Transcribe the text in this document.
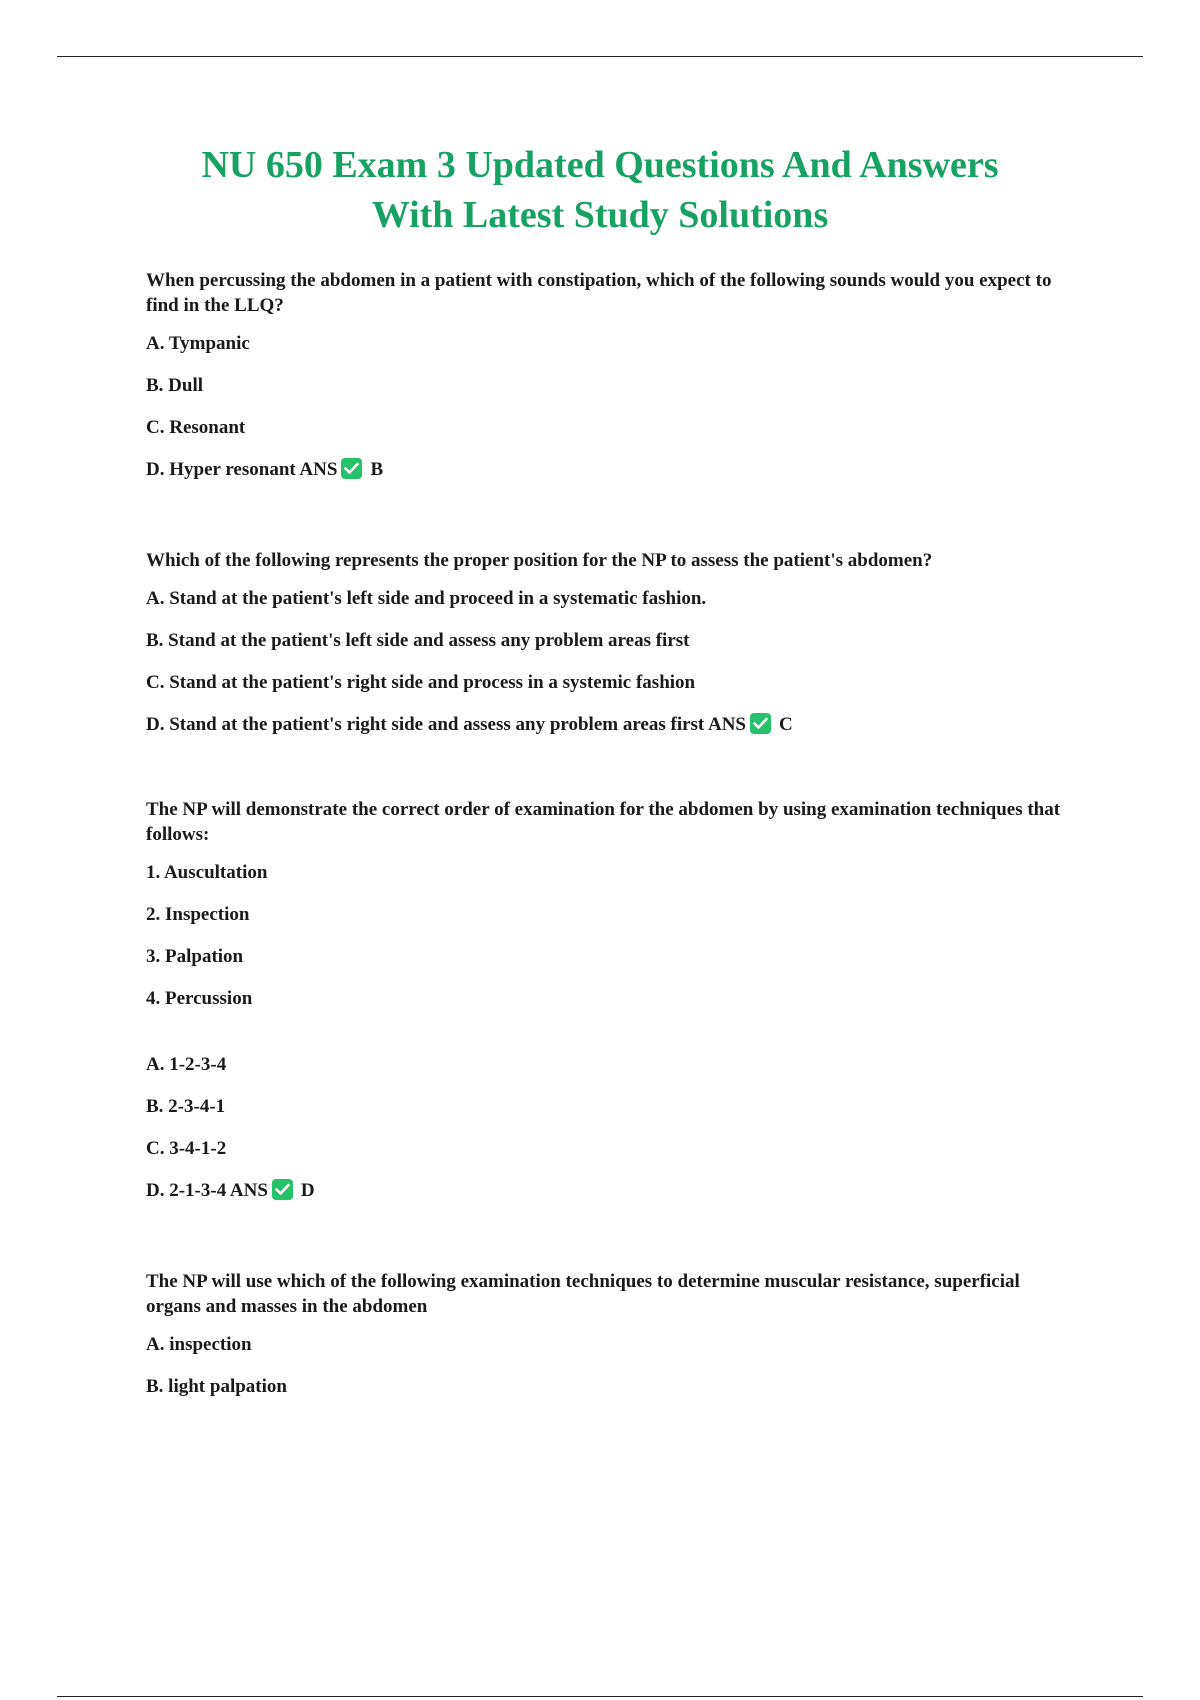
NU 650 Exam 3 Updated Questions And Answers
With Latest Study Solutions

When percussing the abdomen in a patient with constipation, which of the following sounds would you expect to find in the LLQ?

A. Tympanic

B. Dull

C. Resonant

D. Hyper resonant ANS B

Which of the following represents the proper position for the NP to assess the patient's abdomen?

A. Stand at the patient's left side and proceed in a systematic fashion.

B. Stand at the patient's left side and assess any problem areas first

C. Stand at the patient's right side and process in a systemic fashion

D. Stand at the patient's right side and assess any problem areas first ANS C

The NP will demonstrate the correct order of examination for the abdomen by using examination techniques that follows:

1. Auscultation

2. Inspection

3. Palpation

4. Percussion

A. 1-2-3-4

B. 2-3-4-1

C. 3-4-1-2

D. 2-1-3-4 ANS D

The NP will use which of the following examination techniques to determine muscular resistance, superficial organs and masses in the abdomen

A. inspection

B. light palpation
